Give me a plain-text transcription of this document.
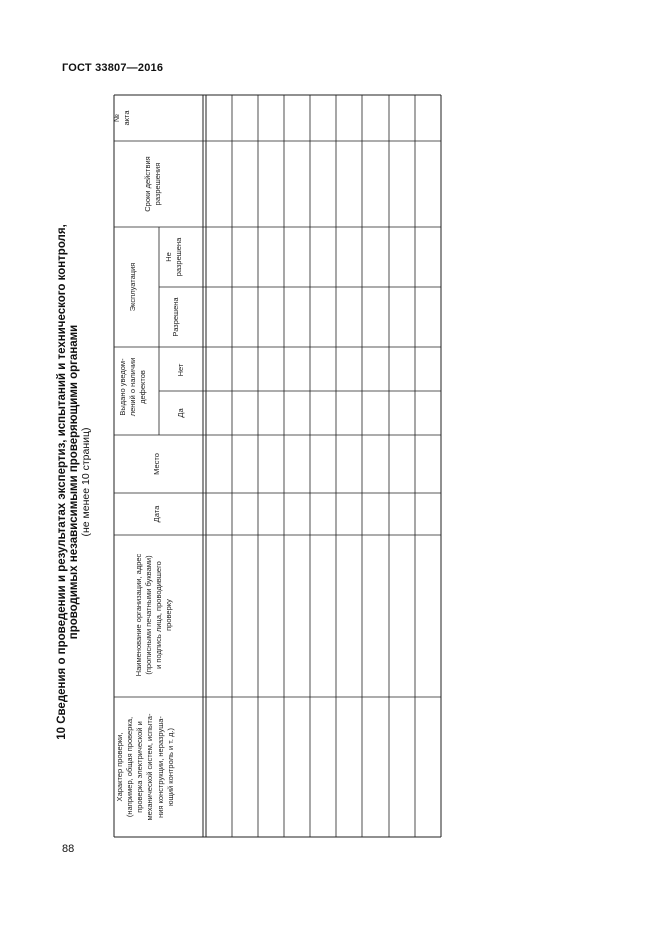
ГОСТ 33807—2016
10 Сведения о проведении и результатах экспертиз, испытаний и технического контроля, проводимых независимыми проверяющими органами (не менее 10 страниц)
№ акта
Сроки действия разрешения
Не разрешена
Разрешена
Эксплуатация
Нет
Да
Выдано уведом- лений о наличии дефектов
Место
Дата
Наименование организации, адрес (прописными печатными буквами) и подпись лица, проводившего проверку
Характер проверки, (например, общая проверка, проверка электрической и механической систем, испыта- ния конструкции, неразруша- ющий контроль и т. д.)
88
